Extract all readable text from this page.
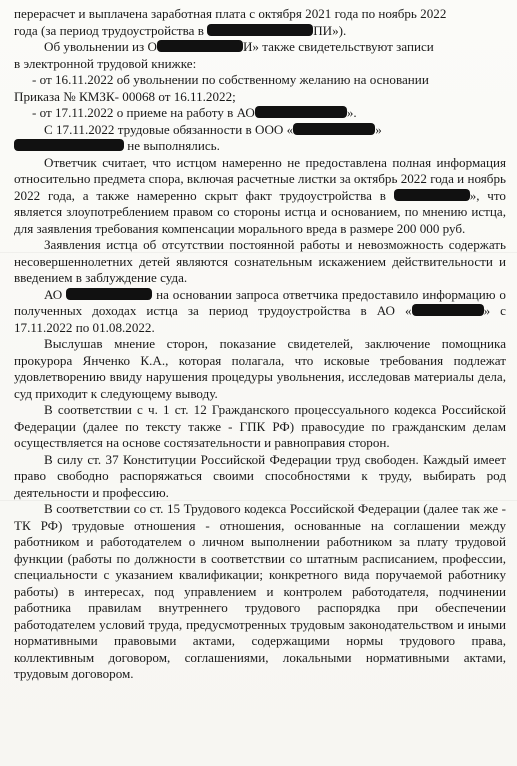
перерасчет и выплачена заработная плата с октября 2021 года по ноябрь 2022

года (за период трудоустройства в	ПИ»).

Об увольнении из О	И» также свидетельствуют записи

в электронной трудовой книжке:

- от 16.11.2022 об увольнении по собственному желанию на основании

Приказа № КМЗК- 00068 от 16.11.2022;

- от 17.11.2022 о приеме на работу в АО	».

С 17.11.2022 трудовые обязанности в ООО «	»

не выполнялись.

Ответчик считает, что истцом намеренно не предоставлена полная информация относительно предмета спора, включая расчетные листки за октябрь 2022 года и ноябрь 2022 года, а также намеренно скрыт факт трудоустройства в	», что является злоупотреблением правом со стороны истца и основанием, по мнению истца, для заявления требования компенсации морального вреда в размере 200 000 руб.

Заявления истца об отсутствии постоянной работы и невозможность содержать несовершеннолетних детей являются сознательным искажением действительности и введением в заблуждение суда.

АО	на основании запроса ответчика предоставило информацию о полученных доходах истца за период трудоустройства в АО «	» с 17.11.2022 по 01.08.2022.

Выслушав мнение сторон, показание свидетелей, заключение помощника прокурора Янченко К.А., которая полагала, что исковые требования подлежат удовлетворению ввиду нарушения процедуры увольнения, исследовав материалы дела, суд приходит к следующему выводу.

В соответствии с ч. 1 ст. 12 Гражданского процессуального кодекса Российской Федерации (далее по тексту также - ГПК РФ) правосудие по гражданским делам осуществляется на основе состязательности и равноправия сторон.

В силу ст. 37 Конституции Российской Федерации труд свободен. Каждый имеет право свободно распоряжаться своими способностями к труду, выбирать род деятельности и профессию.

В соответствии со ст. 15 Трудового кодекса Российской Федерации (далее так же - ТК РФ) трудовые отношения - отношения, основанные на соглашении между работником и работодателем о личном выполнении работником за плату трудовой функции (работы по должности в соответствии со штатным расписанием, профессии, специальности с указанием квалификации; конкретного вида поручаемой работнику работы) в интересах, под управлением и контролем работодателя, подчинении работника правилам внутреннего трудового распорядка при обеспечении работодателем условий труда, предусмотренных трудовым законодательством и иными нормативными правовыми актами, содержащими нормы трудового права, коллективным договором, соглашениями, локальными нормативными актами, трудовым договором.
